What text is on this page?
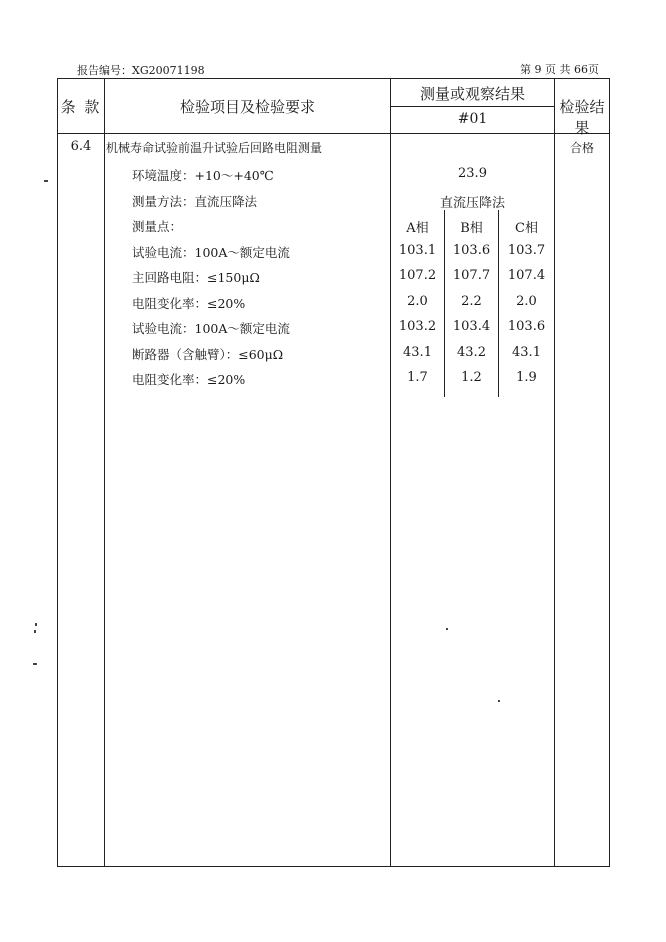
报告编号：XG20071198	第 9 页 共 66页
条 款	检验项目及检验要求
测量或观察结果
#01
检验结果
6.4	机械寿命试验前温升试验后回路电阻测量	合格
环境温度：+10～+40℃	23.9
测量方法：直流压降法	直流压降法
测量点：	A相	B相	C相
试验电流：100A～额定电流	103.1	103.6	103.7
主回路电阻：≤150μΩ	107.2	107.7	107.4
电阻变化率：≤20%	2.0	2.2	2.0
试验电流：100A～额定电流	103.2	103.4	103.6
断路器（含触臂）：≤60μΩ	43.1	43.2	43.1
电阻变化率：≤20%	1.7	1.2	1.9
